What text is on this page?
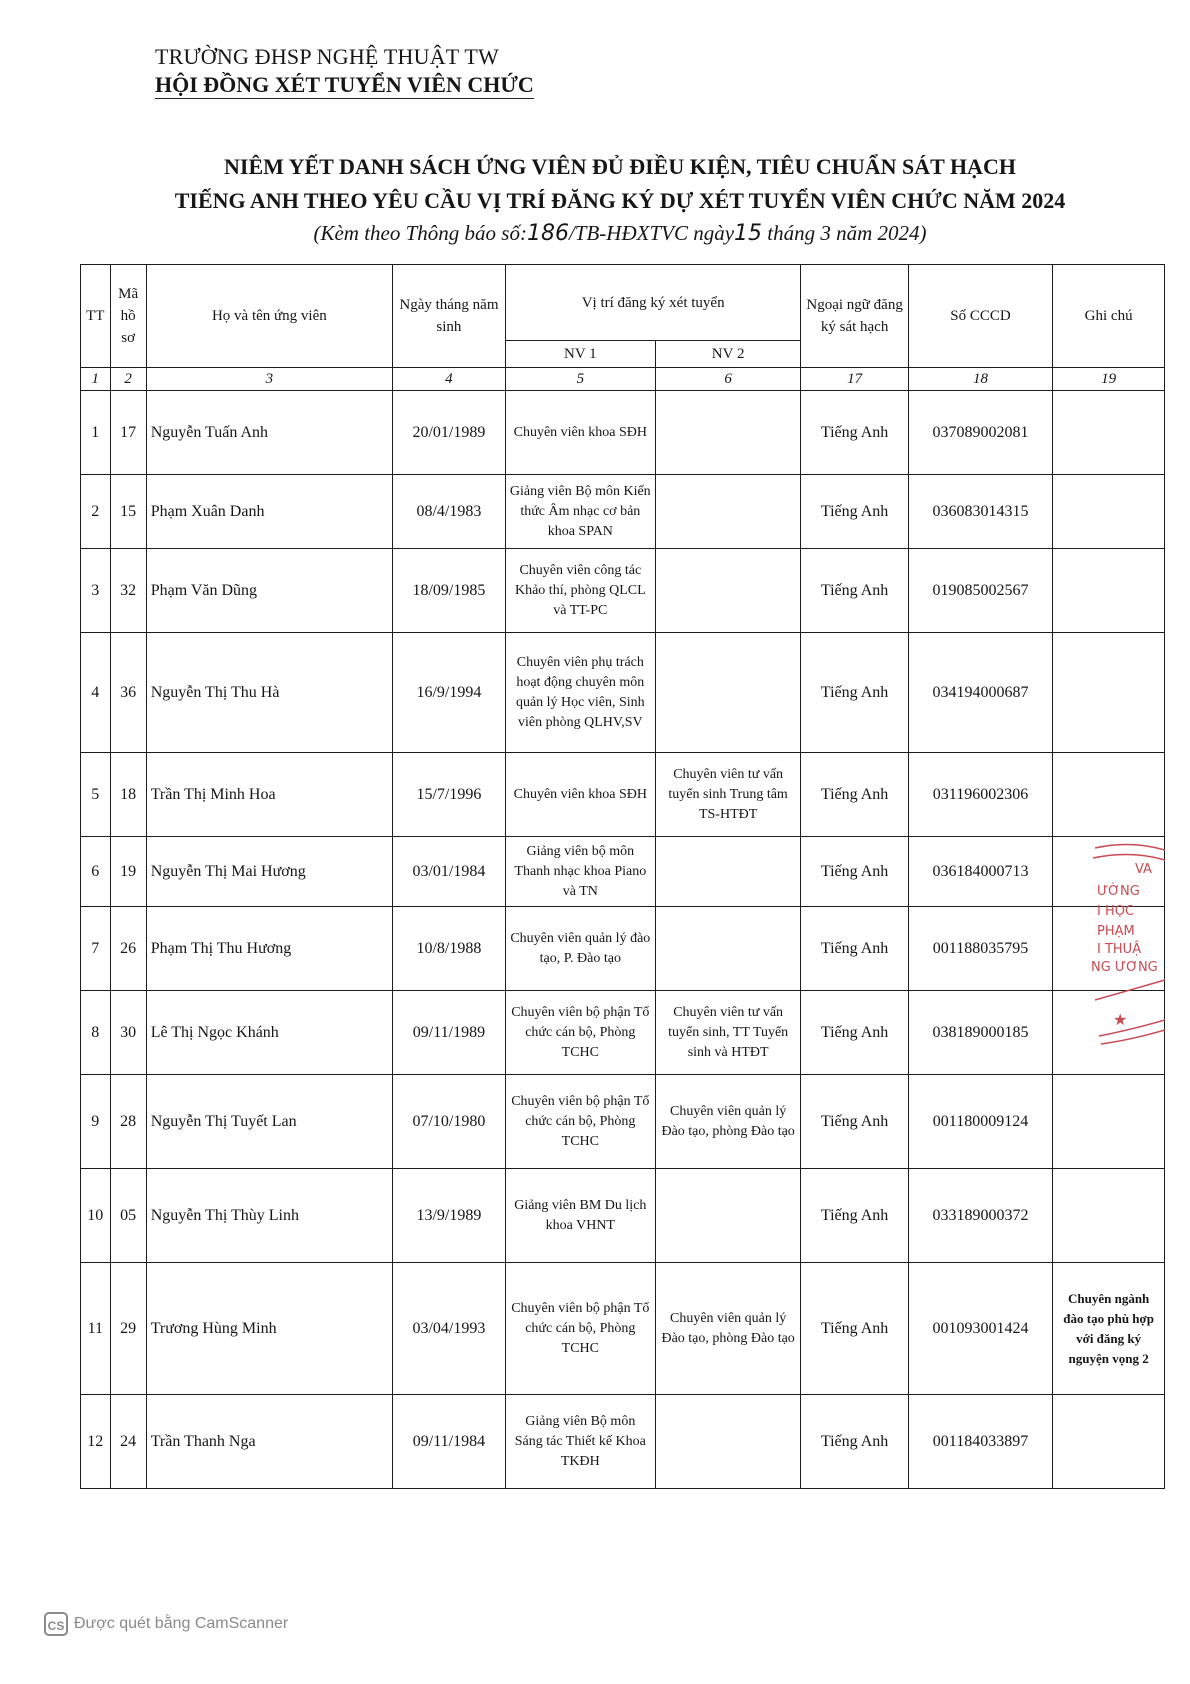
TRƯỜNG ĐHSP NGHỆ THUẬT TW
HỘI ĐỒNG XÉT TUYỂN VIÊN CHỨC
NIÊM YẾT DANH SÁCH ỨNG VIÊN ĐỦ ĐIỀU KIỆN, TIÊU CHUẨN SÁT HẠCH
TIẾNG ANH THEO YÊU CẦU VỊ TRÍ ĐĂNG KÝ DỰ XÉT TUYỂN VIÊN CHỨC NĂM 2024
(Kèm theo Thông báo số:186/TB-HĐXTVC ngày15 tháng 3 năm 2024)
TT	Mã hồ sơ	Họ và tên ứng viên	Ngày tháng năm sinh	Vị trí đăng ký xét tuyển		Ngoại ngữ đăng ký sát hạch	Số CCCD	Ghi chú
				NV 1	NV 2			
1	2	3	4	5	6	17	18	19
1	17	Nguyễn Tuấn Anh	20/01/1989	Chuyên viên khoa SĐH		Tiếng Anh	037089002081	
2	15	Phạm Xuân Danh	08/4/1983	Giảng viên Bộ môn Kiến thức Âm nhạc cơ bản khoa SPAN		Tiếng Anh	036083014315	
3	32	Phạm Văn Dũng	18/09/1985	Chuyên viên công tác Khảo thí, phòng QLCL và TT-PC		Tiếng Anh	019085002567	
4	36	Nguyễn Thị Thu Hà	16/9/1994	Chuyên viên phụ trách hoạt động chuyên môn quản lý Học viên, Sinh viên phòng QLHV,SV		Tiếng Anh	034194000687	
5	18	Trần Thị Minh Hoa	15/7/1996	Chuyên viên khoa SĐH	Chuyên viên tư vấn tuyển sinh Trung tâm TS-HTĐT	Tiếng Anh	031196002306	
6	19	Nguyễn Thị Mai Hương	03/01/1984	Giảng viên bộ môn Thanh nhạc khoa Piano và TN		Tiếng Anh	036184000713	
7	26	Phạm Thị Thu Hương	10/8/1988	Chuyên viên quản lý đào tạo, P. Đào tạo		Tiếng Anh	001188035795	
8	30	Lê Thị Ngọc Khánh	09/11/1989	Chuyên viên bộ phận Tổ chức cán bộ, Phòng TCHC	Chuyên viên tư vấn tuyển sinh, TT Tuyển sinh và HTĐT	Tiếng Anh	038189000185	
9	28	Nguyễn Thị Tuyết Lan	07/10/1980	Chuyên viên bộ phận Tổ chức cán bộ, Phòng TCHC	Chuyên viên quản lý Đào tạo, phòng Đào tạo	Tiếng Anh	001180009124	
10	05	Nguyễn Thị Thùy Linh	13/9/1989	Giảng viên BM Du lịch khoa VHNT		Tiếng Anh	033189000372	
11	29	Trương Hùng Minh	03/04/1993	Chuyên viên bộ phận Tổ chức cán bộ, Phòng TCHC	Chuyên viên quản lý Đào tạo, phòng Đào tạo	Tiếng Anh	001093001424	Chuyên ngành đào tạo phù hợp với đăng ký nguyện vọng 2
12	24	Trần Thanh Nga	09/11/1984	Giảng viên Bộ môn Sáng tác Thiết kế Khoa TKĐH		Tiếng Anh	001184033897	
VA
ƯỜNG
I HỌC
PHẠM
I THUẬ
NG ƯƠNG
★
CS Được quét bằng CamScanner
